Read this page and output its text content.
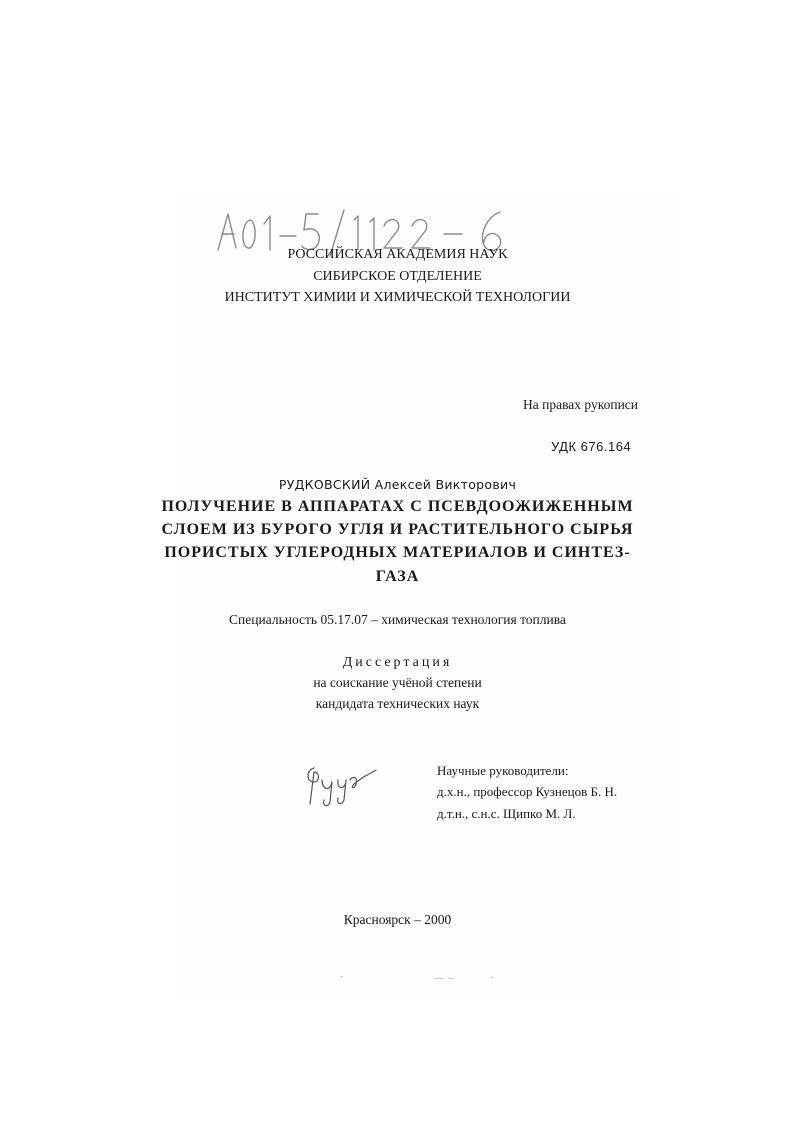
РОССИЙСКАЯ АКАДЕМИЯ НАУК
СИБИРСКОЕ ОТДЕЛЕНИЕ
ИНСТИТУТ ХИМИИ И ХИМИЧЕСКОЙ ТЕХНОЛОГИИ
На правах рукописи
УДК 676.164
РУДКОВСКИЙ Алексей Викторович
ПОЛУЧЕНИЕ В АППАРАТАХ С ПСЕВДООЖИЖЕННЫМ
СЛОЕМ ИЗ БУРОГО УГЛЯ И РАСТИТЕЛЬНОГО СЫРЬЯ
ПОРИСТЫХ УГЛЕРОДНЫХ МАТЕРИАЛОВ И СИНТЕЗ-
ГАЗА
Специальность 05.17.07 – химическая технология топлива
Диссертация
на соискание учёной степени
кандидата технических наук
Научные руководители:
д.х.н., профессор Кузнецов Б. Н.
д.т.н., с.н.с. Щипко М. Л.
Красноярск – 2000
